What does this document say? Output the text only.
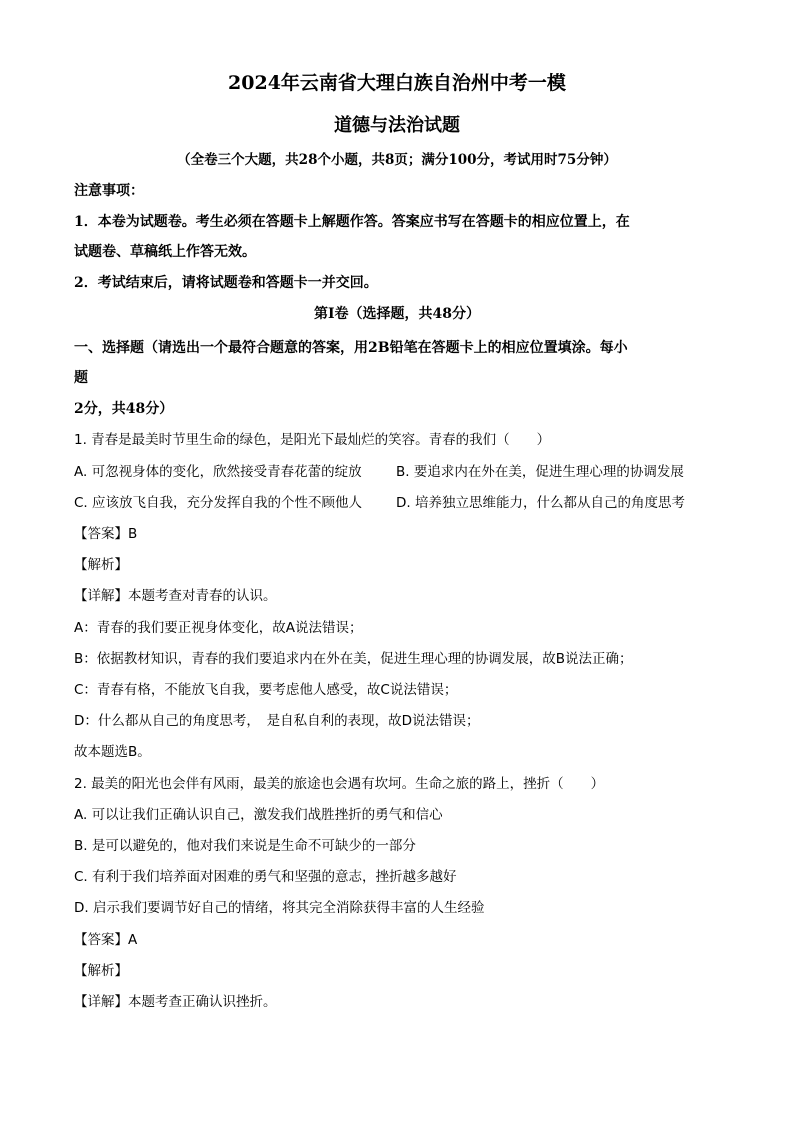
2024年云南省大理白族自治州中考一模
道德与法治试题
（全卷三个大题，共28个小题，共8页；满分100分，考试用时75分钟）
注意事项：
1．本卷为试题卷。考生必须在答题卡上解题作答。答案应书写在答题卡的相应位置上，在
试题卷、草稿纸上作答无效。
2．考试结束后，请将试题卷和答题卡一并交回。
第Ⅰ卷（选择题，共48分）
一、选择题（请选出一个最符合题意的答案，用2B铅笔在答题卡上的相应位置填涂。每小
题
2分，共48分）
1. 青春是最美时节里生命的绿色，是阳光下最灿烂的笑容。青春的我们（　　）
A. 可忽视身体的变化，欣然接受青春花蕾的绽放	B. 要追求内在外在美，促进生理心理的协调发展
C. 应该放飞自我，充分发挥自我的个性不顾他人	D. 培养独立思维能力，什么都从自己的角度思考
【答案】B
【解析】
【详解】本题考查对青春的认识。
A：青春的我们要正视身体变化，故A说法错误；
B：依据教材知识，青春的我们要追求内在外在美，促进生理心理的协调发展，故B说法正确；
C：青春有格，不能放飞自我，要考虑他人感受，故C说法错误；
D：什么都从自己的角度思考，　是自私自利的表现，故D说法错误；
故本题选B。
2. 最美的阳光也会伴有风雨，最美的旅途也会遇有坎坷。生命之旅的路上，挫折（　　）
A. 可以让我们正确认识自己，激发我们战胜挫折的勇气和信心
B. 是可以避免的，他对我们来说是生命不可缺少的一部分
C. 有利于我们培养面对困难的勇气和坚强的意志，挫折越多越好
D. 启示我们要调节好自己的情绪，将其完全消除获得丰富的人生经验
【答案】A
【解析】
【详解】本题考查正确认识挫折。
